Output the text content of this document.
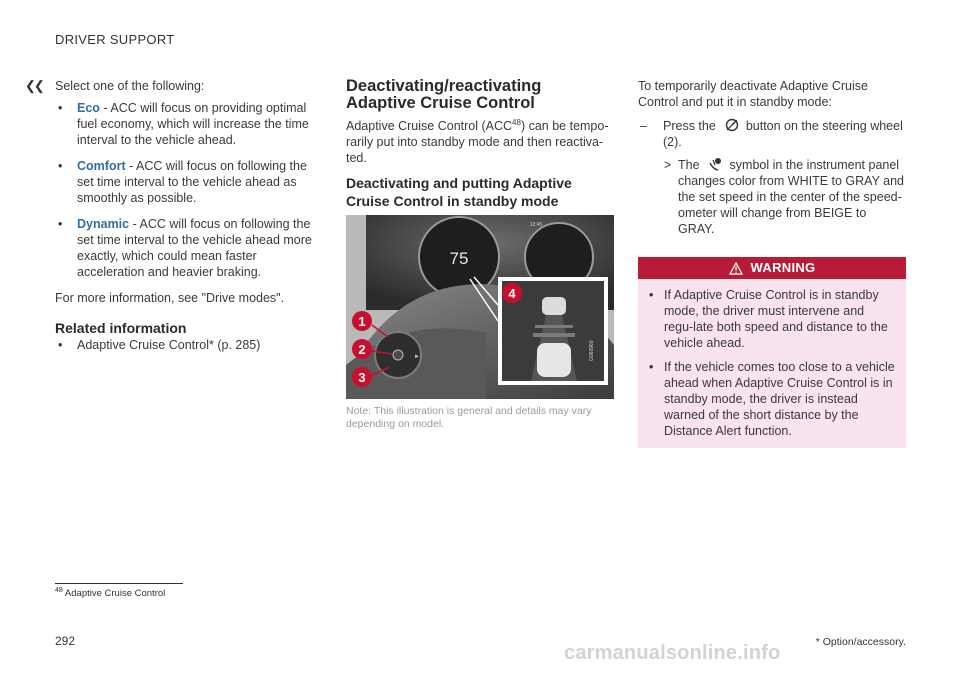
DRIVER SUPPORT
❮❮ Select one of the following:

• Eco - ACC will focus on providing optimal fuel economy, which will increase the time interval to the vehicle ahead.
• Comfort - ACC will focus on following the set time interval to the vehicle ahead as smoothly as possible.
• Dynamic - ACC will focus on following the set time interval to the vehicle ahead more exactly, which could mean faster acceleration and heavier braking.

For more information, see "Drive modes".

Related information
• Adaptive Cruise Control* (p. 285)
Deactivating/reactivating Adaptive Cruise Control

Adaptive Cruise Control (ACC$^{48}$) can be tempo-rarily put into standby mode and then reactiva-ted.

Deactivating and putting Adaptive Cruise Control in standby mode
75
12:45
►	G060960
1
2
3
4

Note: This illustration is general and details may vary depending on model.

To temporarily deactivate Adaptive Cruise Control and put it in standby mode:

– Press the button on the steering wheel (2).
> The symbol in the instrument panel changes color from WHITE to GRAY and the set speed in the center of the speed-ometer will change from BEIGE to GRAY.
WARNING
• If Adaptive Cruise Control is in standby mode, the driver must intervene and regu-late both speed and distance to the vehicle ahead.
• If the vehicle comes too close to a vehicle ahead when Adaptive Cruise Control is in standby mode, the driver is instead warned of the short distance by the Distance Alert function.
$^{48}$ Adaptive Cruise Control
* Option/accessory.
292
carmanualsonline.info
